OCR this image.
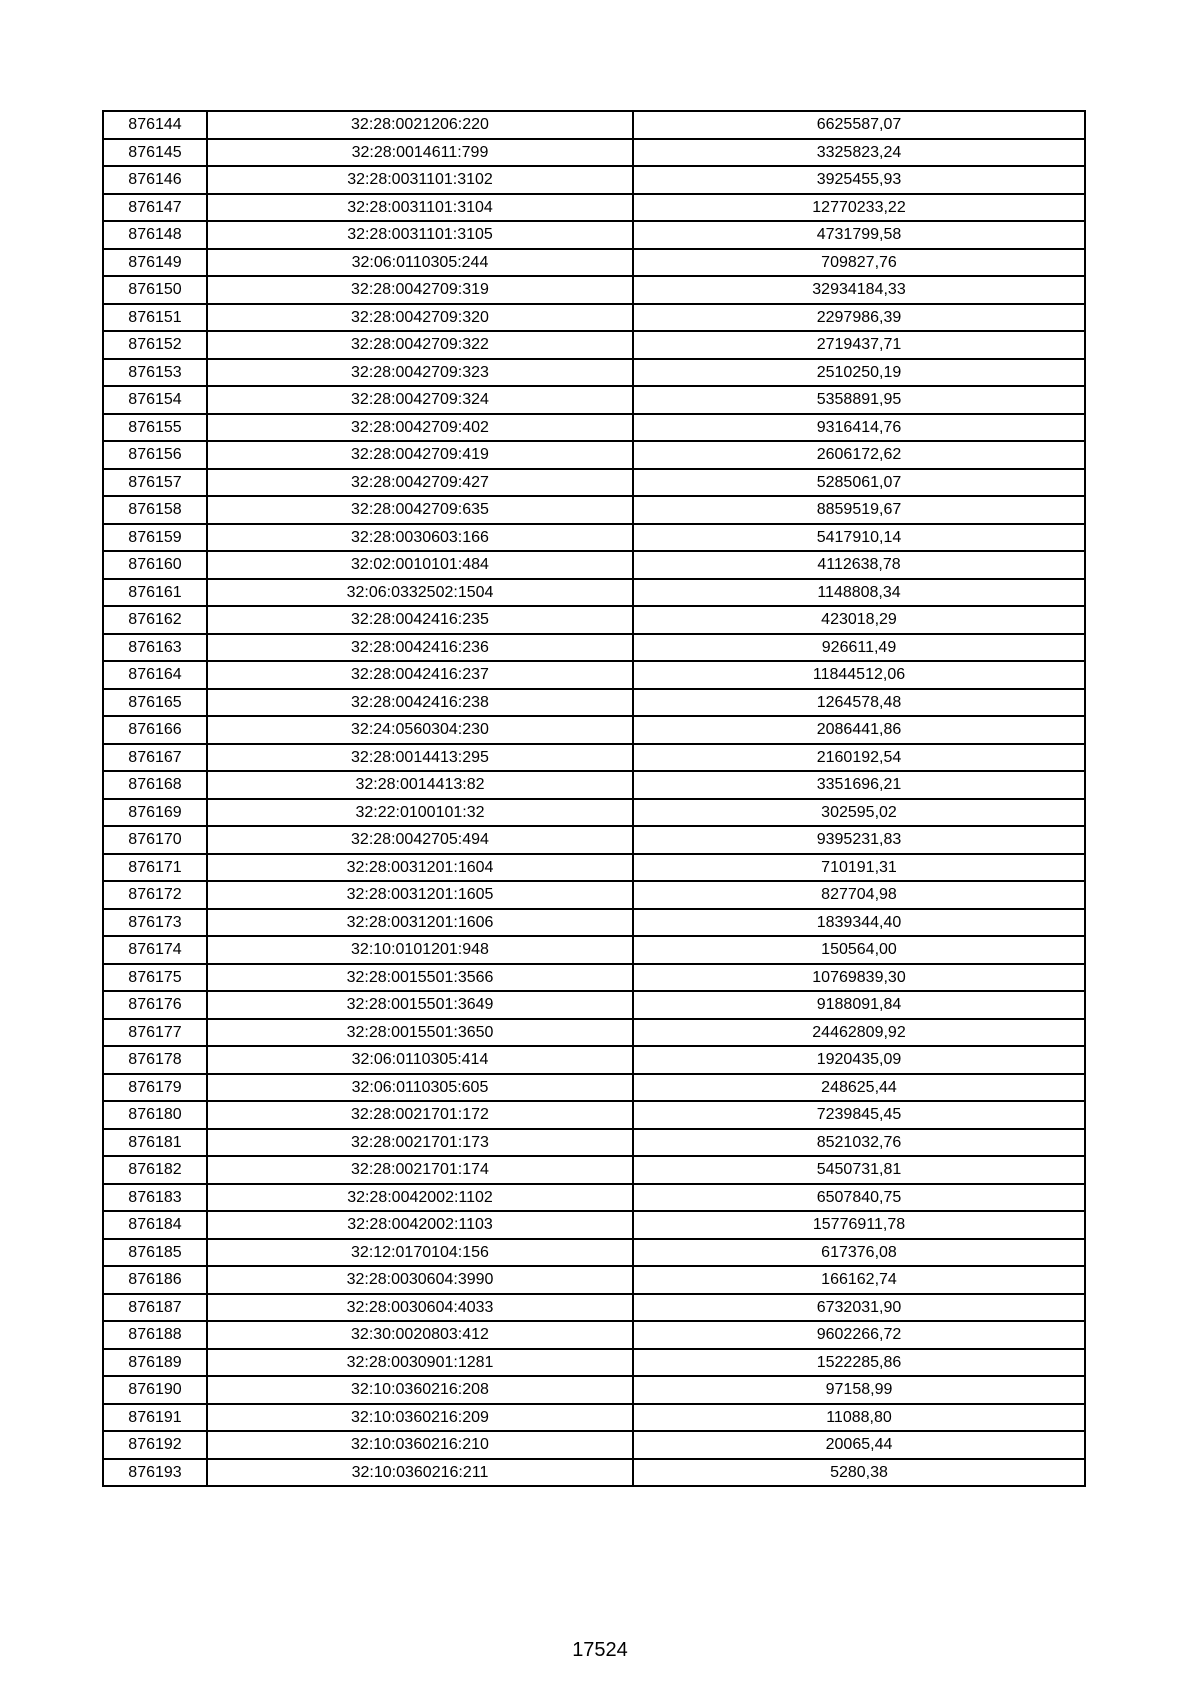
876144	32:28:0021206:220	6625587,07
876145	32:28:0014611:799	3325823,24
876146	32:28:0031101:3102	3925455,93
876147	32:28:0031101:3104	12770233,22
876148	32:28:0031101:3105	4731799,58
876149	32:06:0110305:244	709827,76
876150	32:28:0042709:319	32934184,33
876151	32:28:0042709:320	2297986,39
876152	32:28:0042709:322	2719437,71
876153	32:28:0042709:323	2510250,19
876154	32:28:0042709:324	5358891,95
876155	32:28:0042709:402	9316414,76
876156	32:28:0042709:419	2606172,62
876157	32:28:0042709:427	5285061,07
876158	32:28:0042709:635	8859519,67
876159	32:28:0030603:166	5417910,14
876160	32:02:0010101:484	4112638,78
876161	32:06:0332502:1504	1148808,34
876162	32:28:0042416:235	423018,29
876163	32:28:0042416:236	926611,49
876164	32:28:0042416:237	11844512,06
876165	32:28:0042416:238	1264578,48
876166	32:24:0560304:230	2086441,86
876167	32:28:0014413:295	2160192,54
876168	32:28:0014413:82	3351696,21
876169	32:22:0100101:32	302595,02
876170	32:28:0042705:494	9395231,83
876171	32:28:0031201:1604	710191,31
876172	32:28:0031201:1605	827704,98
876173	32:28:0031201:1606	1839344,40
876174	32:10:0101201:948	150564,00
876175	32:28:0015501:3566	10769839,30
876176	32:28:0015501:3649	9188091,84
876177	32:28:0015501:3650	24462809,92
876178	32:06:0110305:414	1920435,09
876179	32:06:0110305:605	248625,44
876180	32:28:0021701:172	7239845,45
876181	32:28:0021701:173	8521032,76
876182	32:28:0021701:174	5450731,81
876183	32:28:0042002:1102	6507840,75
876184	32:28:0042002:1103	15776911,78
876185	32:12:0170104:156	617376,08
876186	32:28:0030604:3990	166162,74
876187	32:28:0030604:4033	6732031,90
876188	32:30:0020803:412	9602266,72
876189	32:28:0030901:1281	1522285,86
876190	32:10:0360216:208	97158,99
876191	32:10:0360216:209	11088,80
876192	32:10:0360216:210	20065,44
876193	32:10:0360216:211	5280,38
17524
